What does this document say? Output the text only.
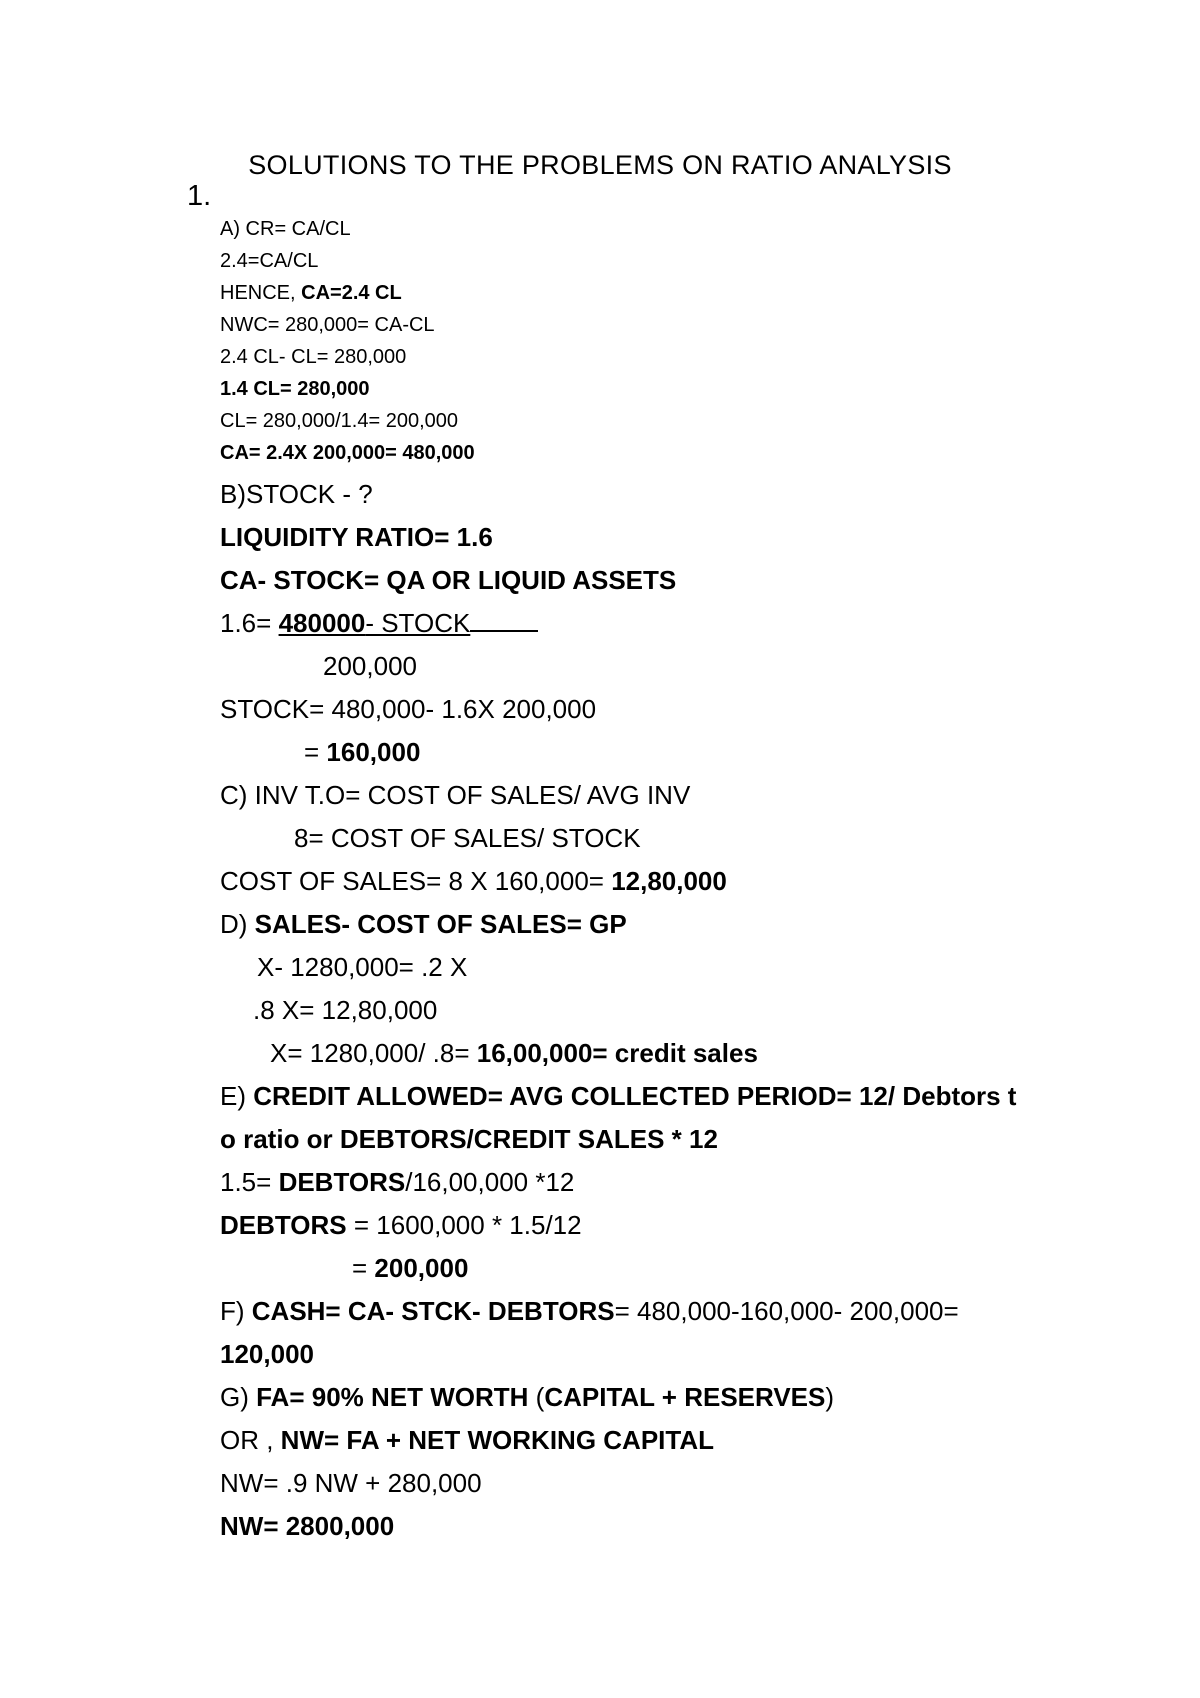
SOLUTIONS TO THE PROBLEMS ON RATIO ANALYSIS
1.
A) CR= CA/CL
2.4=CA/CL
HENCE, CA=2.4 CL
NWC= 280,000= CA-CL
2.4 CL- CL= 280,000
1.4 CL= 280,000
CL= 280,000/1.4= 200,000
CA= 2.4X 200,000= 480,000
B)STOCK - ?
LIQUIDITY RATIO= 1.6
CA- STOCK= QA OR LIQUID ASSETS
1.6= 480000- STOCK
200,000
STOCK= 480,000- 1.6X 200,000
= 160,000
C) INV T.O= COST OF SALES/ AVG INV
8= COST OF SALES/ STOCK
COST OF SALES= 8 X 160,000= 12,80,000
D) SALES- COST OF SALES= GP
X- 1280,000= .2 X
.8 X= 12,80,000
X= 1280,000/ .8= 16,00,000= credit sales
E) CREDIT ALLOWED= AVG COLLECTED PERIOD= 12/ Debtors t
o ratio or DEBTORS/CREDIT SALES * 12
1.5= DEBTORS/16,00,000 *12
DEBTORS = 1600,000 * 1.5/12
= 200,000
F) CASH= CA- STCK- DEBTORS= 480,000-160,000- 200,000=
120,000
G) FA= 90% NET WORTH (CAPITAL + RESERVES)
OR , NW= FA + NET WORKING CAPITAL
NW= .9 NW + 280,000
NW= 2800,000
